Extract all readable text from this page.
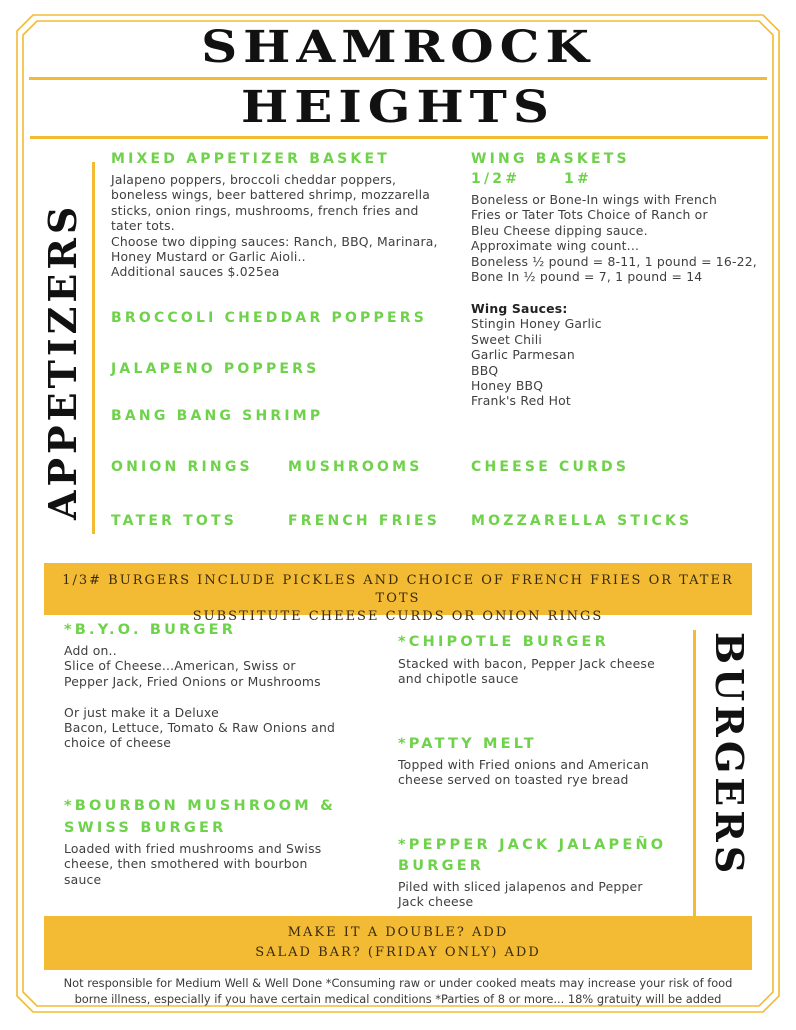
SHAMROCK
HEIGHTS
APPETIZERS
MIXED APPETIZER BASKET
Jalapeno poppers, broccoli cheddar poppers,
boneless wings, beer battered shrimp, mozzarella
sticks, onion rings, mushrooms, french fries and
tater tots.
Choose two dipping sauces: Ranch, BBQ, Marinara,
Honey Mustard or Garlic Aioli..
Additional sauces $.025ea
WING BASKETS
1/2#	1#
Boneless or Bone-In wings with French
Fries or Tater Tots Choice of Ranch or
Bleu Cheese dipping sauce.
Approximate wing count...
Boneless ½ pound = 8-11, 1 pound = 16-22,
Bone In ½ pound = 7, 1 pound = 14
Wing Sauces:
Stingin Honey Garlic
Sweet Chili
Garlic Parmesan
BBQ
Honey BBQ
Frank's Red Hot
BROCCOLI CHEDDAR POPPERS
JALAPENO POPPERS
BANG BANG SHRIMP
ONION RINGS	MUSHROOMS	CHEESE CURDS
TATER TOTS	FRENCH FRIES MOZZARELLA STICKS
1/3# BURGERS INCLUDE PICKLES AND CHOICE OF FRENCH FRIES OR TATER TOTS
SUBSTITUTE CHEESE CURDS OR ONION RINGS
*B.Y.O. BURGER
Add on..
Slice of Cheese...American, Swiss or
Pepper Jack, Fried Onions or Mushrooms
Or just make it a Deluxe
Bacon, Lettuce, Tomato & Raw Onions and
choice of cheese
*BOURBON MUSHROOM &
SWISS BURGER
Loaded with fried mushrooms and Swiss
cheese, then smothered with bourbon
sauce
*CHIPOTLE BURGER
Stacked with bacon, Pepper Jack cheese
and chipotle sauce
*PATTY MELT
Topped with Fried onions and American
cheese served on toasted rye bread
*PEPPER JACK JALAPEÑO
BURGER
Piled with sliced jalapenos and Pepper
Jack cheese
BURGERS
MAKE IT A DOUBLE? ADD
SALAD BAR? (FRIDAY ONLY) ADD
Not responsible for Medium Well & Well Done *Consuming raw or under cooked meats may increase your risk of food
borne illness, especially if you have certain medical conditions *Parties of 8 or more... 18% gratuity will be added
